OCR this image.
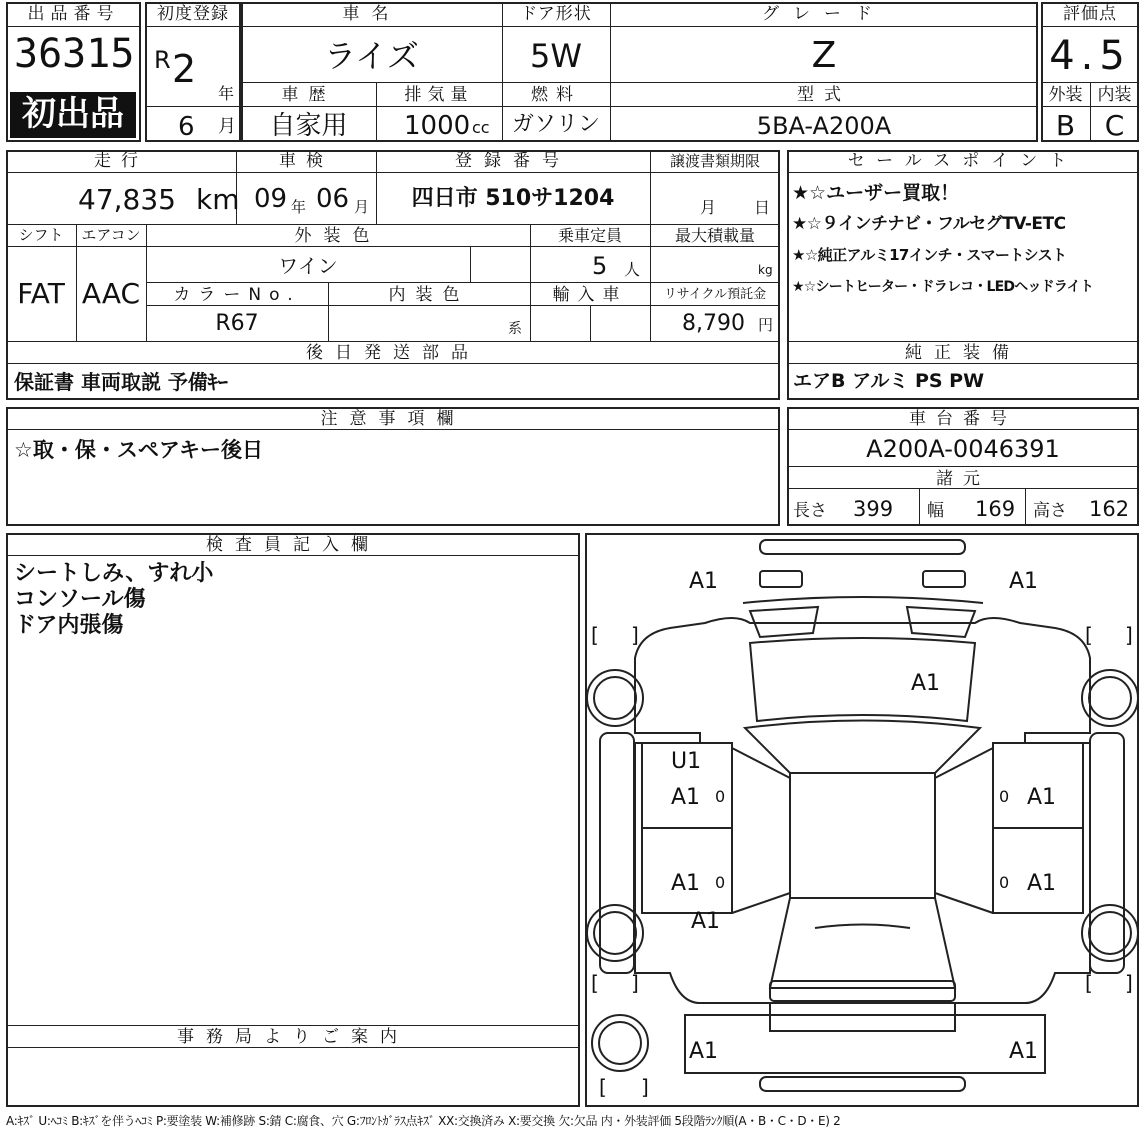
出品番号
36315
初出品
初度登録
R 2
年
6 月
車名
ライズ
ドア形状
5W
グレード
Z
車歴
自家用
排気量
1000 cc
燃料
ガソリン
型式
5BA-A200A
評価点
4.5
外装 内装
B	C
走行
47,835 km
車検
09 年 06 月
登録番号
四日市 510サ1204
譲渡書類期限
月 日
シフト
FAT
エアコン
AAC
外装色
ワイン
乗車定員
5 人
最大積載量
kg
カラーNo.
R67
内装色
系
輸入車	リサイクル預託金
8,790 円
後日発送部品
保証書 車両取説 予備ｷｰ
セールスポイント
★☆ユーザー買取！
★☆９インチナビ・フルセグTV-ETC
★☆純正アルミ17インチ・スマートシスト
★☆シートヒーター・ドラレコ・LEDヘッドライト
純正装備
エアB アルミ PS PW
注意事項欄
☆取・保・スペアキー後日
車台番号
A200A-0046391
諸元
長さ 399 幅 169 高さ 162
検査員記入欄
シートしみ、すれ小
コンソール傷
ドア内張傷
事務局よりご案内
A1	A1
A1
U1
A1 0	A1
0
A1 0	A1
0
A1
A1	A1
[ ]	[ ]
[ ]	[ ]
[ ]
A:ｷｽﾞ U:ﾍｺﾐ B:ｷｽﾞを伴うﾍｺﾐ P:要塗装 W:補修跡 S:錆 C:腐食、穴 G:ﾌﾛﾝﾄｶﾞﾗｽ点ｷｽﾞ XX:交換済み X:要交換 欠:欠品 内・外装評価 5段階ﾗﾝｸ順(A・B・C・D・E) 2
